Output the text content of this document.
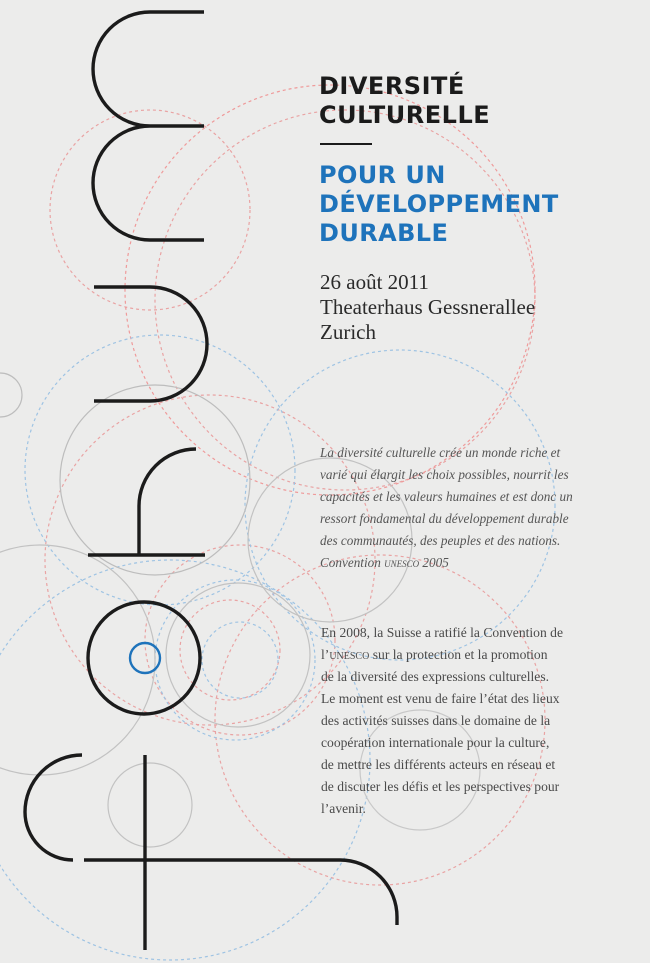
DIVERSITÉ
CULTURELLE
POUR UN
DÉVELOPPEMENT
DURABLE
26 août 2011
Theaterhaus Gessnerallee
Zurich
La diversité culturelle crée un monde riche et
varié qui élargit les choix possibles, nourrit les
capacités et les valeurs humaines et est donc un
ressort fondamental du développement durable
des communautés, des peuples et des nations.
Convention unesco 2005
En 2008, la Suisse a ratifié la Convention de
l’unesco sur la protection et la promotion
de la diversité des expressions culturelles.
Le moment est venu de faire l’état des lieux
des activités suisses dans le domaine de la
coopération internationale pour la culture,
de mettre les différents acteurs en réseau et
de discuter les défis et les perspectives pour
l’avenir.
